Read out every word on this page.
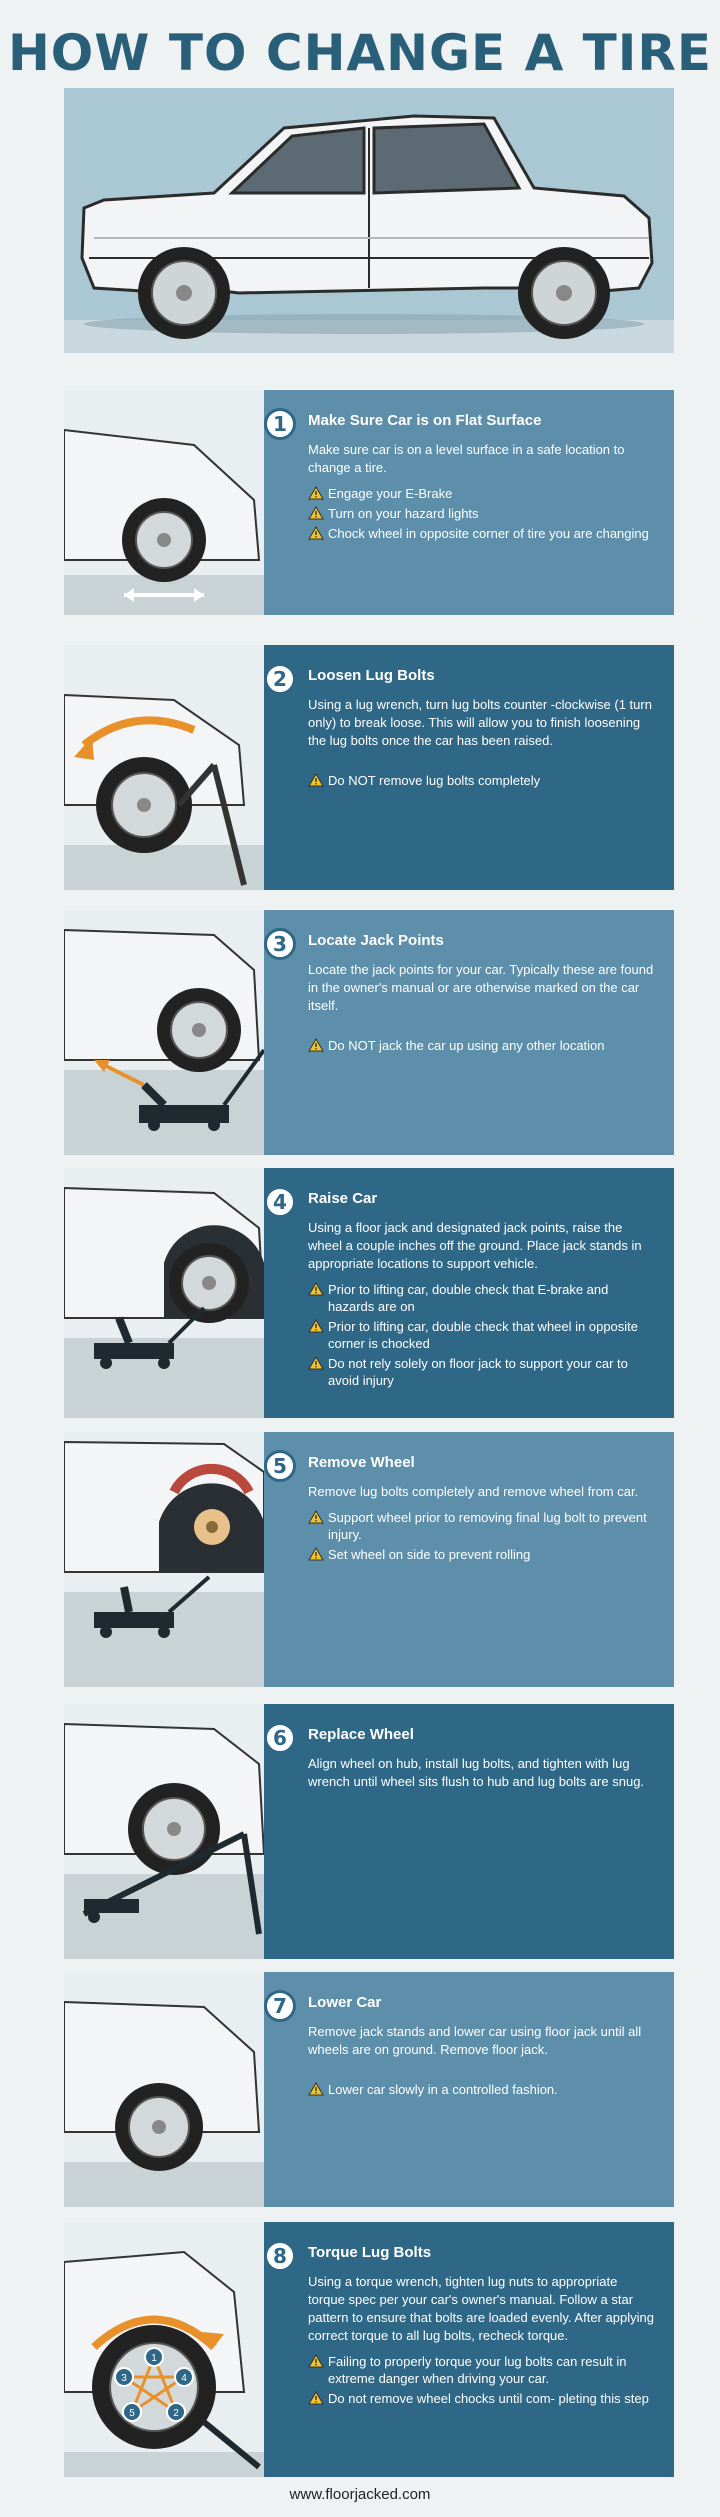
HOW TO CHANGE A TIRE
1	Make Sure Car is on Flat Surface
Make sure car is on a level surface in a safe location to change a tire.
Engage your E-Brake
Turn on your hazard lights
Chock wheel in opposite corner of tire you are changing
2	Loosen Lug Bolts
Using a lug wrench, turn lug bolts counter -clockwise (1 turn only) to break loose. This will allow you to finish loosening the lug bolts once the car has been raised.
Do NOT remove lug bolts completely
3	Locate Jack Points
Locate the jack points for your car. Typically these are found in the owner's manual or are otherwise marked on the car itself.
Do NOT jack the car up using any other location
4	Raise Car
Using a floor jack and designated jack points, raise the wheel a couple inches off the ground. Place jack stands in appropriate locations to support vehicle.
Prior to lifting car, double check that E-brake and hazards are on
Prior to lifting car, double check that wheel in opposite corner is chocked
Do not rely solely on floor jack to support your car to avoid injury
5	Remove Wheel
Remove lug bolts completely and remove wheel from car.
Support wheel prior to removing final lug bolt to prevent injury.
Set wheel on side to prevent rolling
6	Replace Wheel
Align wheel on hub, install lug bolts, and tighten with lug wrench until wheel sits flush to hub and lug bolts are snug.
7	Lower Car
Remove jack stands and lower car using floor jack until all wheels are on ground. Remove floor jack.
Lower car slowly in a controlled fashion.
1
2
3	4
5
8	Torque Lug Bolts
Using a torque wrench, tighten lug nuts to appropriate torque spec per your car's owner's manual. Follow a star pattern to ensure that bolts are loaded evenly. After applying correct torque to all lug bolts, recheck torque.
Failing to properly torque your lug bolts can result in extreme danger when driving your car.
Do not remove wheel chocks until com- pleting this step
www.floorjacked.com
